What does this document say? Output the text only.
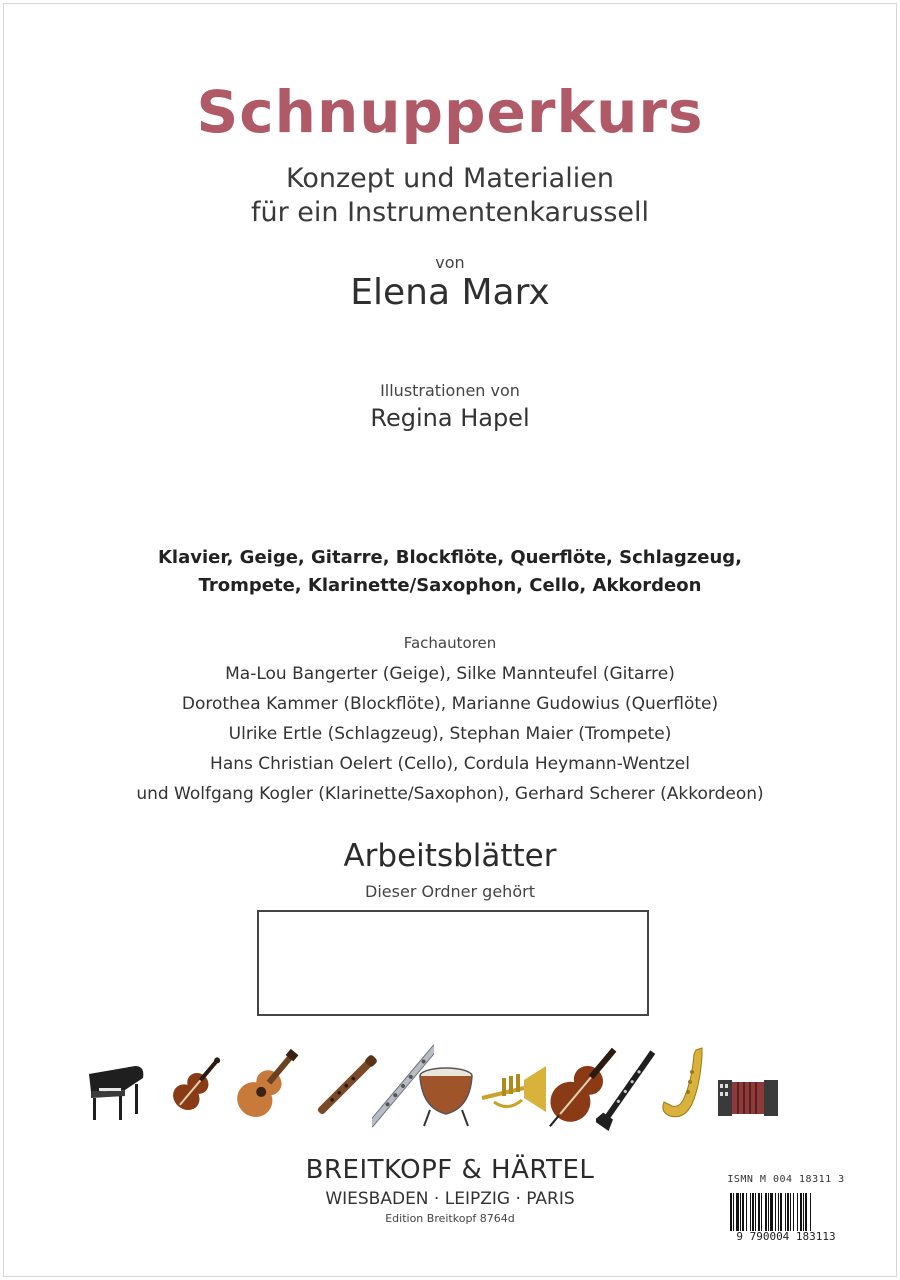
Schnupperkurs
Konzept und Materialien
für ein Instrumentenkarussell
von
Elena Marx
Illustrationen von
Regina Hapel
Klavier, Geige, Gitarre, Blockflöte, Querflöte, Schlagzeug,
Trompete, Klarinette/Saxophon, Cello, Akkordeon
Fachautoren
Ma-Lou Bangerter (Geige), Silke Mannteufel (Gitarre)
Dorothea Kammer (Blockflöte), Marianne Gudowius (Querflöte)
Ulrike Ertle (Schlagzeug), Stephan Maier (Trompete)
Hans Christian Oelert (Cello), Cordula Heymann-Wentzel
und Wolfgang Kogler (Klarinette/Saxophon), Gerhard Scherer (Akkordeon)
Arbeitsblätter
Dieser Ordner gehört
BREITKOPF & HÄRTEL
WIESBADEN · LEIPZIG · PARIS
Edition Breitkopf 8764d
ISMN M 004 18311 3
9 790004 183113
